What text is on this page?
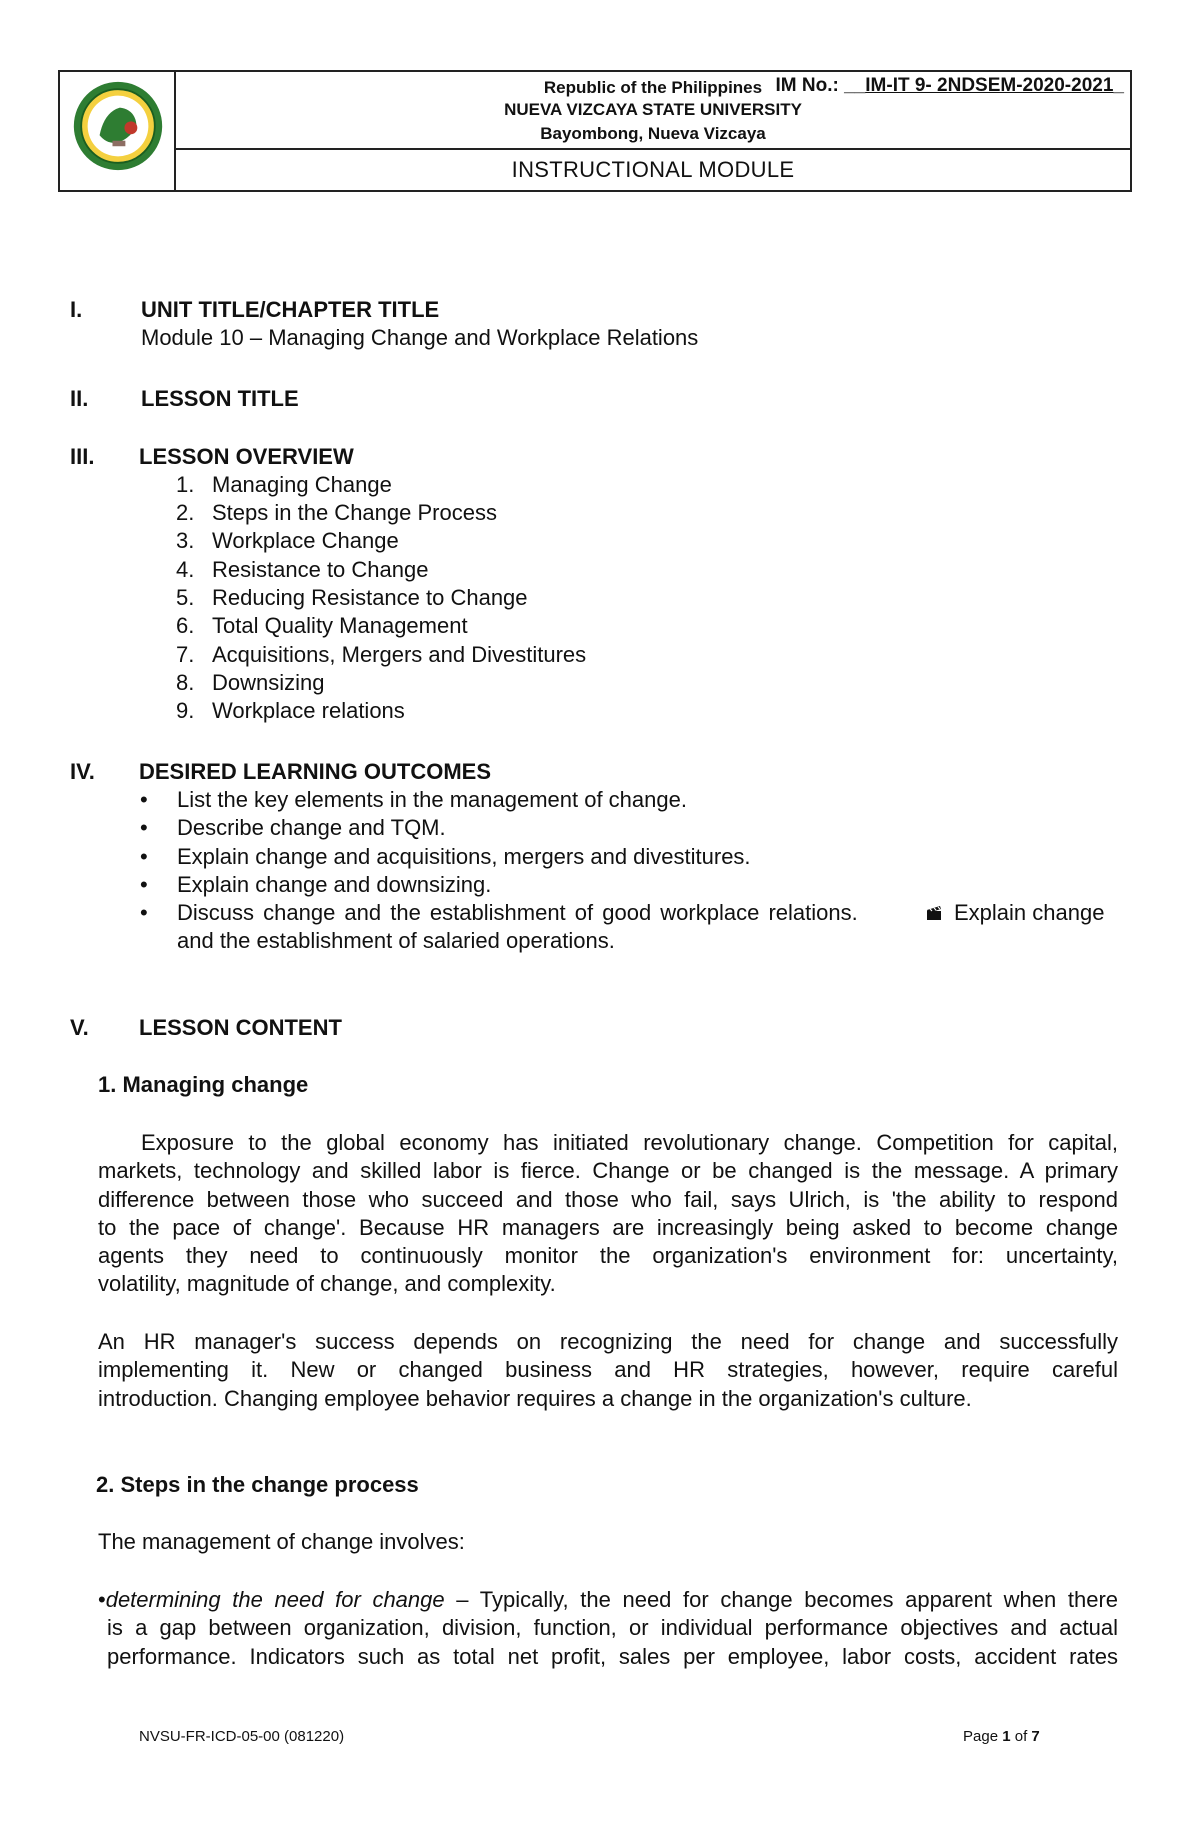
Republic of the Philippines
NUEVA VIZCAYA STATE UNIVERSITY
Bayombong, Nueva Vizcaya
IM No.: __IM-IT 9- 2NDSEM-2020-2021_
INSTRUCTIONAL MODULE
I.	UNIT TITLE/CHAPTER TITLE
Module 10 – Managing Change and Workplace Relations
II. LESSON TITLE
III. LESSON OVERVIEW
1. Managing Change
2. Steps in the Change Process
3. Workplace Change
4. Resistance to Change
5. Reducing Resistance to Change
6. Total Quality Management
7. Acquisitions, Mergers and Divestitures
8. Downsizing
9. Workplace relations
IV. DESIRED LEARNING OUTCOMES
• List the key elements in the management of change.
• Describe change and TQM.
• Explain change and acquisitions, mergers and divestitures.
• Explain change and downsizing.
• Discuss change and the establishment of good workplace relations.	Explain change
and the establishment of salaried operations.
V. LESSON CONTENT
1. Managing change
Exposure to the global economy has initiated revolutionary change. Competition for capital,
markets, technology and skilled labor is fierce. Change or be changed is the message. A primary
difference between those who succeed and those who fail, says Ulrich, is 'the ability to respond
to the pace of change'. Because HR managers are increasingly being asked to become change
agents they need to continuously monitor the organization's environment for: uncertainty,
volatility, magnitude of change, and complexity.
An HR manager's success depends on recognizing the need for change and successfully
implementing it. New or changed business and HR strategies, however, require careful
introduction. Changing employee behavior requires a change in the organization's culture.
2. Steps in the change process
The management of change involves:
•determining the need for change – Typically, the need for change becomes apparent when there
is a gap between organization, division, function, or individual performance objectives and actual
performance. Indicators such as total net profit, sales per employee, labor costs, accident rates
NVSU-FR-ICD-05-00 (081220)	Page 1 of 7
